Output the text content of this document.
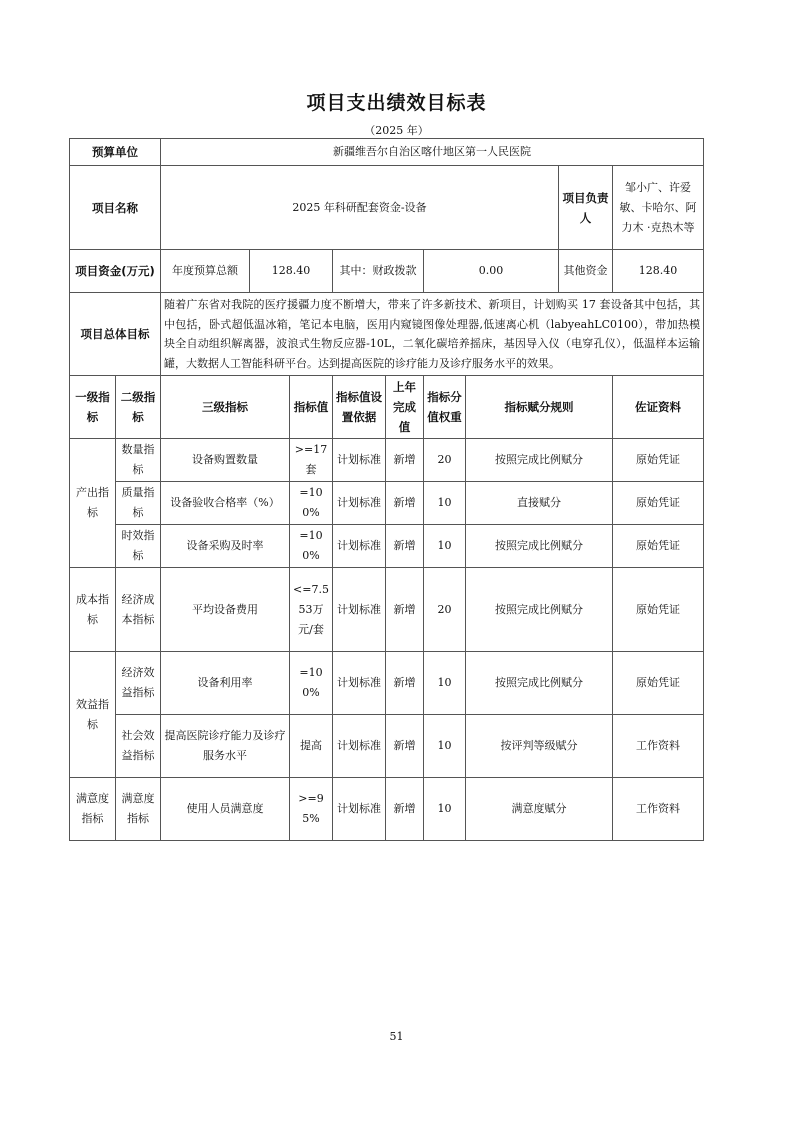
项目支出绩效目标表
（2025 年）
预算单位		新疆维吾尔自治区喀什地区第一人民医院								
项目名称		2025 年科研配套资金-设备							项目负责人	邹小广、许爱敏、卡哈尔、阿力木 ·克热木等
项目资金(万元)		年度预算总额	128.40		其中：财政拨款		0.00		其他资金	128.40
项目总体目标		随着广东省对我院的医疗援疆力度不断增大，带来了许多新技术、新项目，计划购买 17 套设备其中包括，其中包括，卧式超低温冰箱，笔记本电脑，医用内窥镜图像处理器,低速离心机（labyeahLC0100），带加热模块全自动组织解离器，波浪式生物反应器-10L，二氧化碳培养摇床，基因导入仪（电穿孔仪），低温样本运输罐，大数据人工智能科研平台。达到提高医院的诊疗能力及诊疗服务水平的效果。								
一级指标	二级指标	三级指标		指标值	指标值设置依据	上年完成值	指标分值权重	指标赋分规则		佐证资料
产出指标	数量指标	设备购置数量		>=17套	计划标准	新增	20	按照完成比例赋分		原始凭证
	质量指标	设备验收合格率（%）		=100%	计划标准	新增	10	直接赋分		原始凭证
	时效指标	设备采购及时率		=100%	计划标准	新增	10	按照完成比例赋分		原始凭证
成本指标	经济成本指标	平均设备费用		<=7.553万元/套	计划标准	新增	20	按照完成比例赋分		原始凭证
效益指标	经济效益指标	设备利用率		=100%	计划标准	新增	10	按照完成比例赋分		原始凭证
	社会效益指标	提高医院诊疗能力及诊疗服务水平		提高	计划标准	新增	10	按评判等级赋分		工作资料
满意度指标	满意度指标	使用人员满意度		>=95%	计划标准	新增	10	满意度赋分		工作资料
51
